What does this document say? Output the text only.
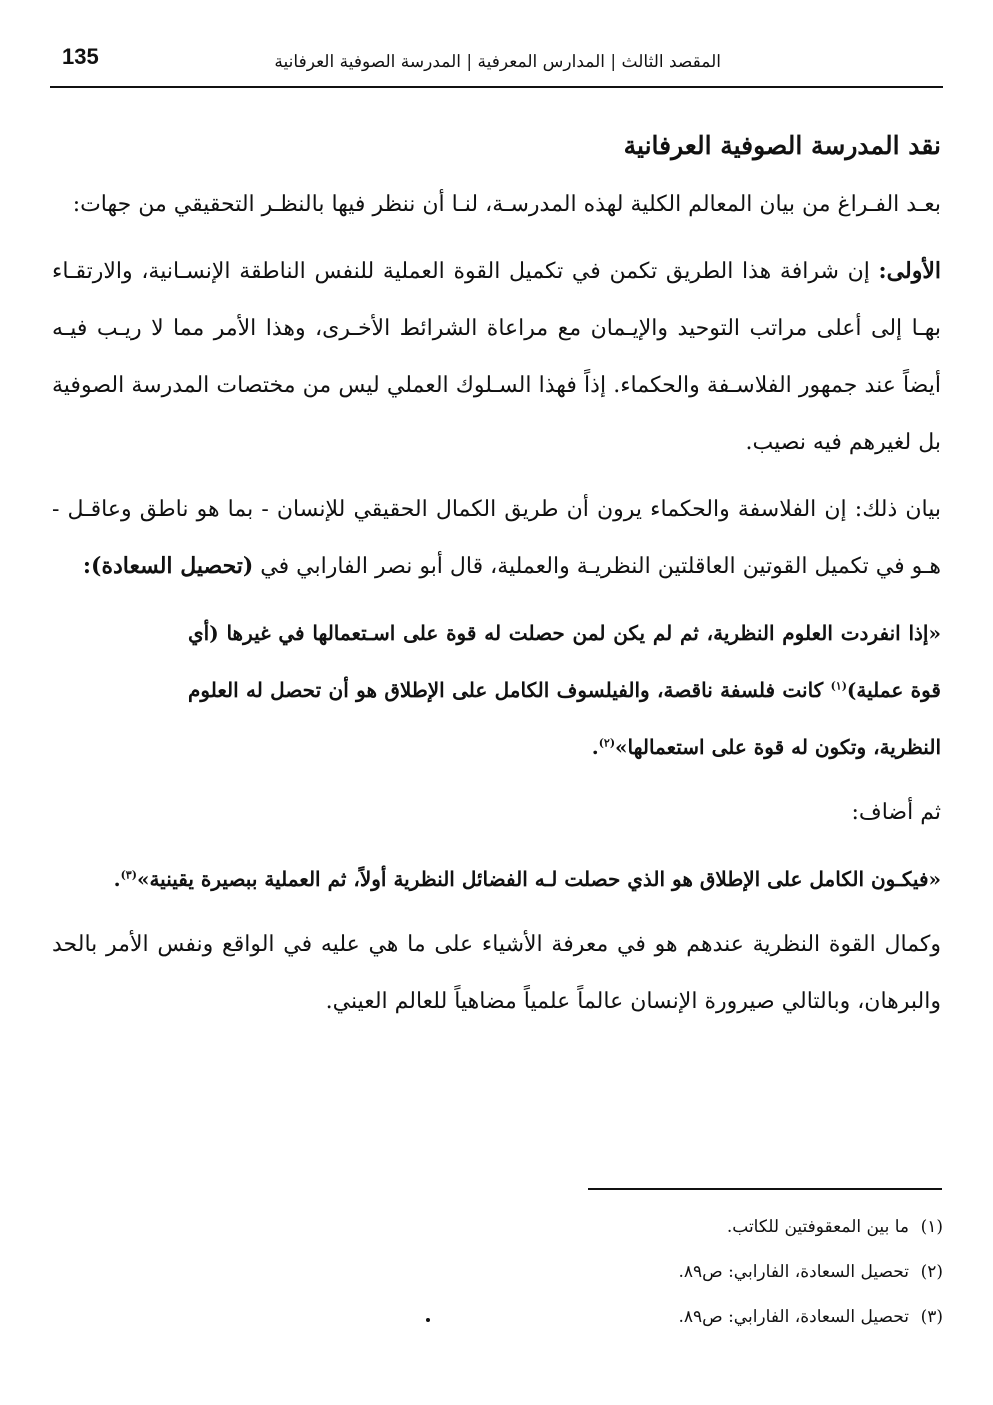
135	المقصد الثالث | المدارس المعرفية | المدرسة الصوفية العرفانية
نقد المدرسة الصوفية العرفانية

بعـد الفـراغ من بيان المعالم الكلية لهذه المدرسـة، لنـا أن ننظر فيها بالنظـر التحقيقي من جهات:

الأولى: إن شرافة هذا الطريق تكمن في تكميل القوة العملية للنفس الناطقة الإنسـانية، والارتقـاء بهـا إلى أعلى مراتب التوحيد والإيـمان مع مراعاة الشرائط الأخـرى، وهذا الأمر مما لا ريـب فيـه أيضاً عند جمهور الفلاسـفة والحكماء. إذاً فهذا السـلوك العملي ليس من مختصات المدرسة الصوفية بل لغيرهم فيه نصيب.

بيان ذلك: إن الفلاسفة والحكماء يرون أن طريق الكمال الحقيقي للإنسان - بما هو ناطق وعاقـل - هـو في تكميل القوتين العاقلتين النظريـة والعملية، قال أبو نصر الفارابي في (تحصيل السعادة):

«إذا انفردت العلوم النظرية، ثم لم يكن لمن حصلت له قوة على اسـتعمالها في غيرها (أي قوة عملية)$^{(١)}$ كانت فلسفة ناقصة، والفيلسوف الكامل على الإطلاق هو أن تحصل له العلوم النظرية، وتكون له قوة على استعمالها»$^{(٢)}$.

ثم أضاف:

«فيكـون الكامل على الإطلاق هو الذي حصلت لـه الفضائل النظرية أولاً، ثم العملية ببصيرة يقينية»$^{(٣)}$.

وكمال القوة النظرية عندهم هو في معرفة الأشياء على ما هي عليه في الواقع ونفس الأمر بالحد والبرهان، وبالتالي صيرورة الإنسان عالماً علمياً مضاهياً للعالم العيني.

(١)ما بين المعقوفتين للكاتب.

(٢)تحصيل السعادة، الفارابي: ص٨٩.

(٣)تحصيل السعادة، الفارابي: ص٨٩.
